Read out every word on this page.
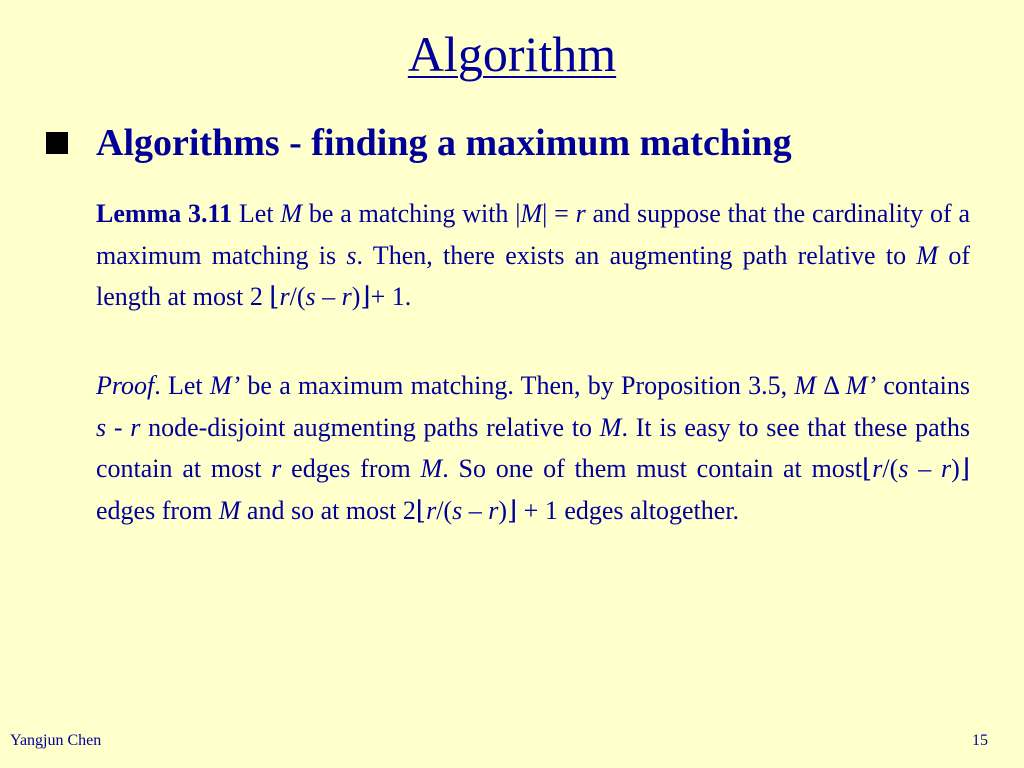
Algorithm
Algorithms - finding a maximum matching
Lemma 3.11 Let M be a matching with |M| = r and suppose that the cardinality of a maximum matching is s. Then, there exists an augmenting path relative to M of length at most 2 ⌊r/(s – r)⌋+ 1.
Proof. Let M’ be a maximum matching. Then, by Proposition 3.5, M Δ M’ contains s - r node-disjoint augmenting paths relative to M. It is easy to see that these paths contain at most r edges from M. So one of them must contain at most⌊r/(s – r)⌋ edges from M and so at most 2⌊r/(s – r)⌋ + 1 edges altogether.
Yangjun Chen	15
